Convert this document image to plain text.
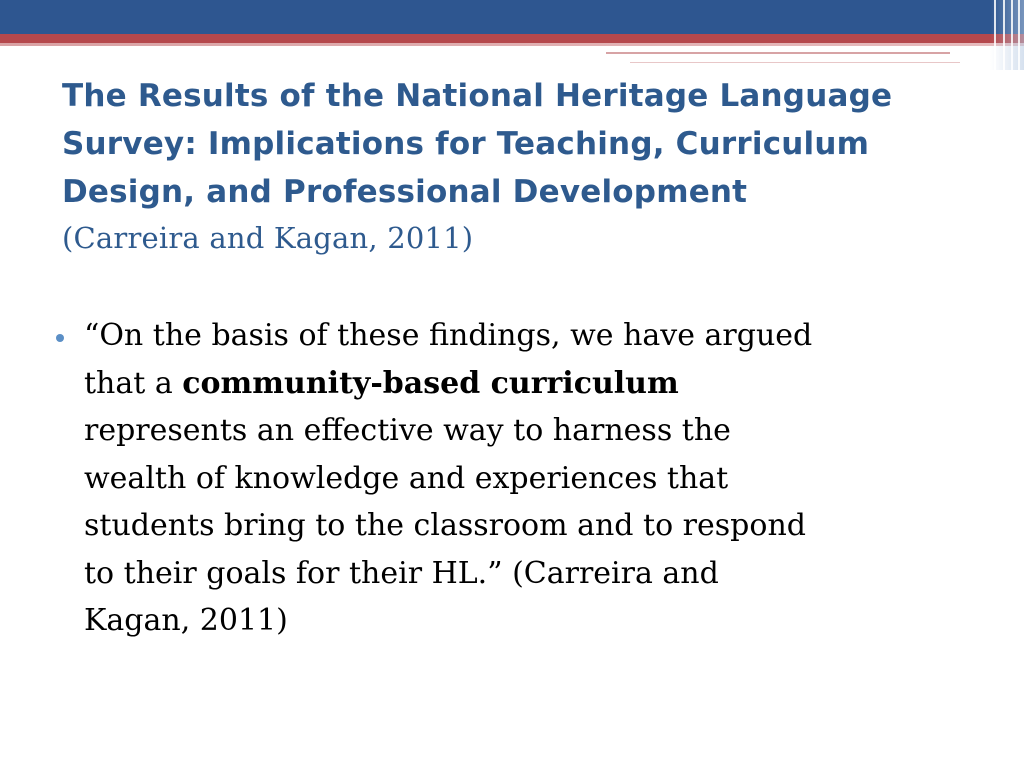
The Results of the National Heritage Language
Survey: Implications for Teaching, Curriculum
Design, and Professional Development
(Carreira and Kagan, 2011)
“On the basis of these findings, we have argued
that a community-based curriculum
represents an effective way to harness the
wealth of knowledge and experiences that
students bring to the classroom and to respond
to their goals for their HL.” (Carreira and
Kagan, 2011)
